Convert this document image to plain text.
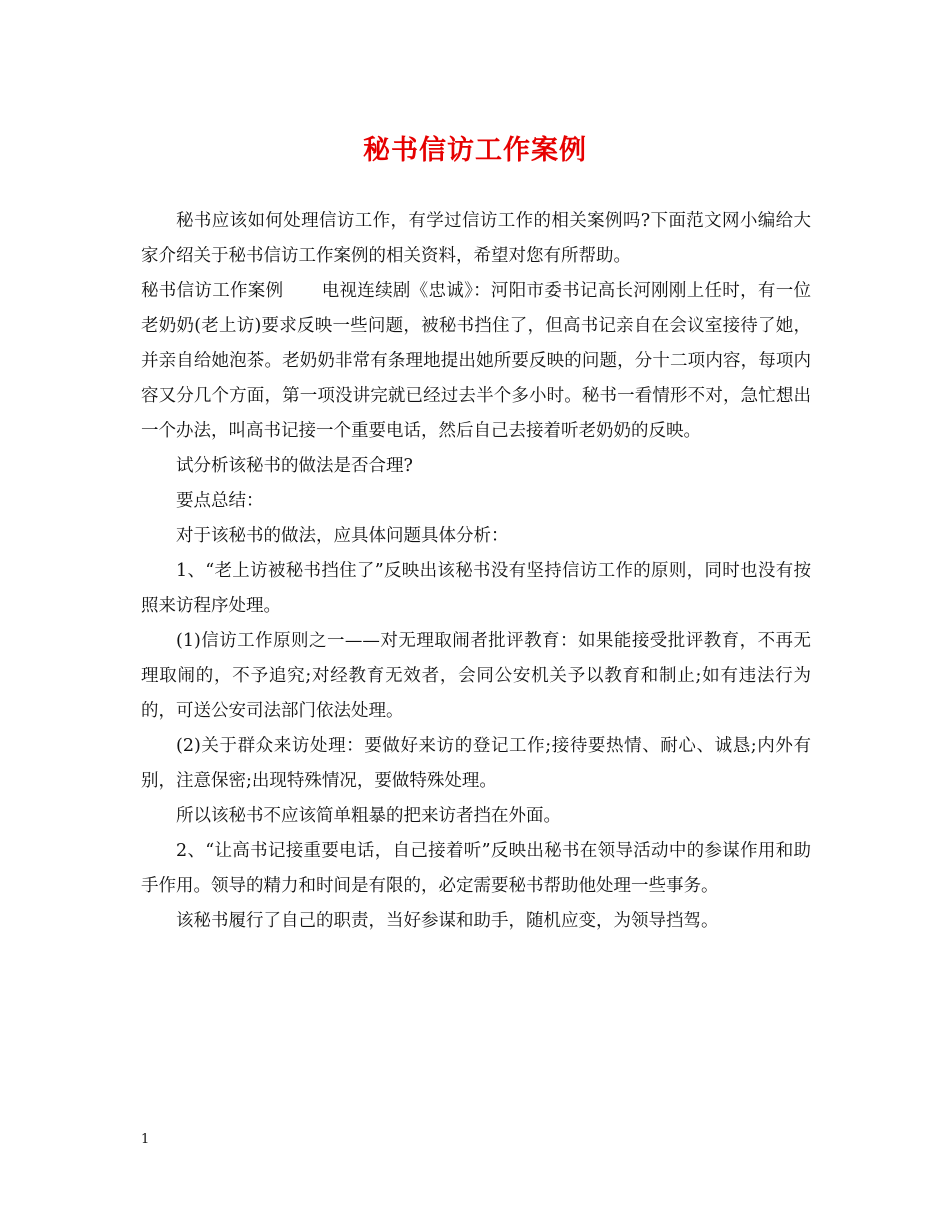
秘书信访工作案例

秘书应该如何处理信访工作，有学过信访工作的相关案例吗?下面范文网小编给大家介绍关于秘书信访工作案例的相关资料，希望对您有所帮助。

秘书信访工作案例 电视连续剧《忠诚》：河阳市委书记高长河刚刚上任时，有一位老奶奶(老上访)要求反映一些问题，被秘书挡住了，但高书记亲自在会议室接待了她，并亲自给她泡茶。老奶奶非常有条理地提出她所要反映的问题，分十二项内容，每项内容又分几个方面，第一项没讲完就已经过去半个多小时。秘书一看情形不对，急忙想出一个办法，叫高书记接一个重要电话，然后自己去接着听老奶奶的反映。

试分析该秘书的做法是否合理?

要点总结：

对于该秘书的做法，应具体问题具体分析：

1、“老上访被秘书挡住了”反映出该秘书没有坚持信访工作的原则，同时也没有按照来访程序处理。

(1)信访工作原则之一——对无理取闹者批评教育：如果能接受批评教育，不再无理取闹的，不予追究;对经教育无效者，会同公安机关予以教育和制止;如有违法行为的，可送公安司法部门依法处理。

(2)关于群众来访处理：要做好来访的登记工作;接待要热情、耐心、诚恳;内外有别，注意保密;出现特殊情况，要做特殊处理。

所以该秘书不应该简单粗暴的把来访者挡在外面。

2、“让高书记接重要电话，自己接着听”反映出秘书在领导活动中的参谋作用和助手作用。领导的精力和时间是有限的，必定需要秘书帮助他处理一些事务。

该秘书履行了自己的职责，当好参谋和助手，随机应变，为领导挡驾。

1
